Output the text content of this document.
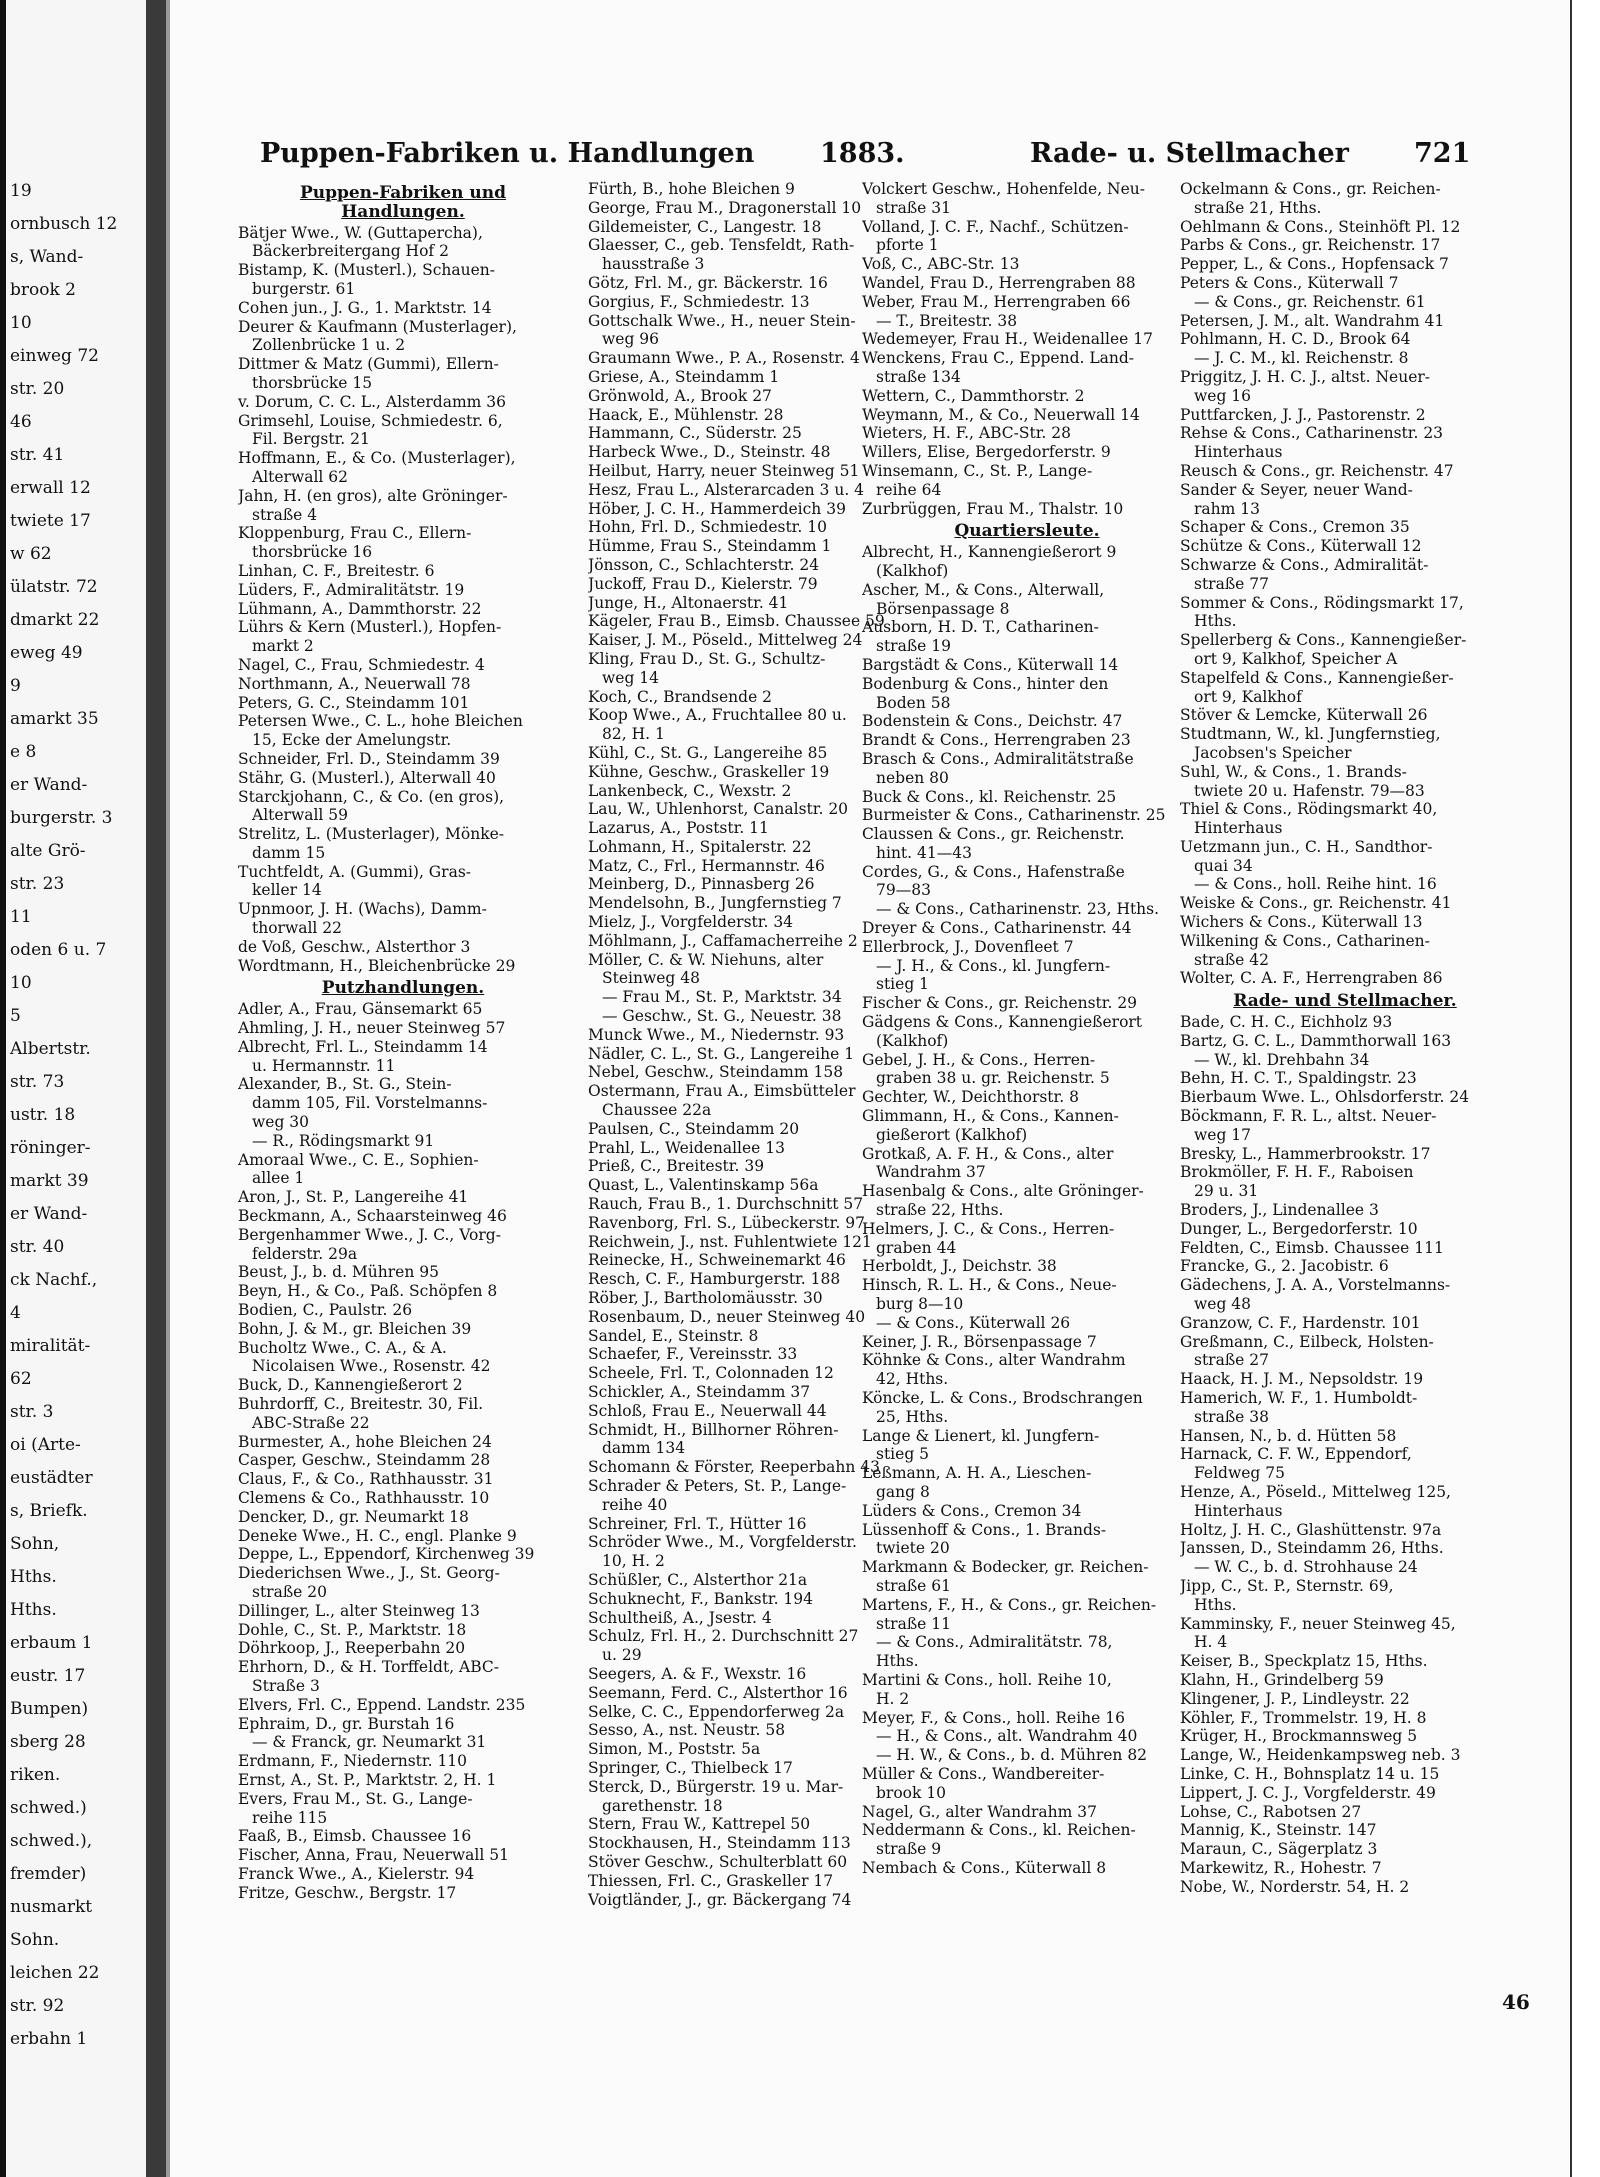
19
ornbusch 12
s, Wand-
brook 2
10
einweg 72
str. 20
46
str. 41
erwall 12
twiete 17
w 62
ülatstr. 72
dmarkt 22
eweg 49
9
amarkt 35
e 8
er Wand-
burgerstr. 3
alte Grö-
str. 23
11
oden 6 u. 7
10
5
Albertstr.
str. 73
ustr. 18
röninger-
markt 39
er Wand-
str. 40
ck Nachf.,
4
miralität-
62
str. 3
oi (Arte-
eustädter
s, Briefk.
Sohn,
Hths.
Hths.
erbaum 1
eustr. 17
Bumpen)
sberg 28
riken.
schwed.)
schwed.),
fremder)
nusmarkt
Sohn.
leichen 22
str. 92
erbahn 1
Puppen-Fabriken u. Handlungen 1883.	Rade- u. Stellmacher 721
Puppen-Fabriken und Handlungen.
Bätjer Wwe., W. (Guttapercha),
Bäckerbreitergang Hof 2
Bistamp, K. (Musterl.), Schauen-
burgerstr. 61
Cohen jun., J. G., 1. Marktstr. 14
Deurer & Kaufmann (Musterlager),
Zollenbrücke 1 u. 2
Dittmer & Matz (Gummi), Ellern-
thorsbrücke 15
v. Dorum, C. C. L., Alsterdamm 36
Grimsehl, Louise, Schmiedestr. 6,
Fil. Bergstr. 21
Hoffmann, E., & Co. (Musterlager),
Alterwall 62
Jahn, H. (en gros), alte Gröninger-
straße 4
Kloppenburg, Frau C., Ellern-
thorsbrücke 16
Linhan, C. F., Breitestr. 6
Lüders, F., Admiralitätstr. 19
Lühmann, A., Dammthorstr. 22
Lührs & Kern (Musterl.), Hopfen-
markt 2
Nagel, C., Frau, Schmiedestr. 4
Northmann, A., Neuerwall 78
Peters, G. C., Steindamm 101
Petersen Wwe., C. L., hohe Bleichen
15, Ecke der Amelungstr.
Schneider, Frl. D., Steindamm 39
Stähr, G. (Musterl.), Alterwall 40
Starckjohann, C., & Co. (en gros),
Alterwall 59
Strelitz, L. (Musterlager), Mönke-
damm 15
Tuchtfeldt, A. (Gummi), Gras-
keller 14
Upnmoor, J. H. (Wachs), Damm-
thorwall 22
de Voß, Geschw., Alsterthor 3
Wordtmann, H., Bleichenbrücke 29
Putzhandlungen.
Adler, A., Frau, Gänsemarkt 65
Ahmling, J. H., neuer Steinweg 57
Albrecht, Frl. L., Steindamm 14
u. Hermannstr. 11
Alexander, B., St. G., Stein-
damm 105, Fil. Vorstelmanns-
weg 30
— R., Rödingsmarkt 91
Amoraal Wwe., C. E., Sophien-
allee 1
Aron, J., St. P., Langereihe 41
Beckmann, A., Schaarsteinweg 46
Bergenhammer Wwe., J. C., Vorg-
felderstr. 29a
Beust, J., b. d. Mühren 95
Beyn, H., & Co., Paß. Schöpfen 8
Bodien, C., Paulstr. 26
Bohn, J. & M., gr. Bleichen 39
Bucholtz Wwe., C. A., & A.
Nicolaisen Wwe., Rosenstr. 42
Buck, D., Kannengießerort 2
Buhrdorff, C., Breitestr. 30, Fil.
ABC-Straße 22
Burmester, A., hohe Bleichen 24
Casper, Geschw., Steindamm 28
Claus, F., & Co., Rathhausstr. 31
Clemens & Co., Rathhausstr. 10
Dencker, D., gr. Neumarkt 18
Deneke Wwe., H. C., engl. Planke 9
Deppe, L., Eppendorf, Kirchenweg 39
Diederichsen Wwe., J., St. Georg-
straße 20
Dillinger, L., alter Steinweg 13
Dohle, C., St. P., Marktstr. 18
Döhrkoop, J., Reeperbahn 20
Ehrhorn, D., & H. Torffeldt, ABC-
Straße 3
Elvers, Frl. C., Eppend. Landstr. 235
Ephraim, D., gr. Burstah 16
— & Franck, gr. Neumarkt 31
Erdmann, F., Niedernstr. 110
Ernst, A., St. P., Marktstr. 2, H. 1
Evers, Frau M., St. G., Lange-
reihe 115
Faaß, B., Eimsb. Chaussee 16
Fischer, Anna, Frau, Neuerwall 51
Franck Wwe., A., Kielerstr. 94
Fritze, Geschw., Bergstr. 17
Fürth, B., hohe Bleichen 9
George, Frau M., Dragonerstall 10
Gildemeister, C., Langestr. 18
Glaesser, C., geb. Tensfeldt, Rath-
hausstraße 3
Götz, Frl. M., gr. Bäckerstr. 16
Gorgius, F., Schmiedestr. 13
Gottschalk Wwe., H., neuer Stein-
weg 96
Graumann Wwe., P. A., Rosenstr. 4
Griese, A., Steindamm 1
Grönwold, A., Brook 27
Haack, E., Mühlenstr. 28
Hammann, C., Süderstr. 25
Harbeck Wwe., D., Steinstr. 48
Heilbut, Harry, neuer Steinweg 51
Hesz, Frau L., Alsterarcaden 3 u. 4
Höber, J. C. H., Hammerdeich 39
Hohn, Frl. D., Schmiedestr. 10
Hümme, Frau S., Steindamm 1
Jönsson, C., Schlachterstr. 24
Juckoff, Frau D., Kielerstr. 79
Junge, H., Altonaerstr. 41
Kägeler, Frau B., Eimsb. Chaussee 59
Kaiser, J. M., Pöseld., Mittelweg 24
Kling, Frau D., St. G., Schultz-
weg 14
Koch, C., Brandsende 2
Koop Wwe., A., Fruchtallee 80 u.
82, H. 1
Kühl, C., St. G., Langereihe 85
Kühne, Geschw., Graskeller 19
Lankenbeck, C., Wexstr. 2
Lau, W., Uhlenhorst, Canalstr. 20
Lazarus, A., Poststr. 11
Lohmann, H., Spitalerstr. 22
Matz, C., Frl., Hermannstr. 46
Meinberg, D., Pinnasberg 26
Mendelsohn, B., Jungfernstieg 7
Mielz, J., Vorgfelderstr. 34
Möhlmann, J., Caffamacherreihe 2
Möller, C. & W. Niehuns, alter
Steinweg 48
— Frau M., St. P., Marktstr. 34
— Geschw., St. G., Neuestr. 38
Munck Wwe., M., Niedernstr. 93
Nädler, C. L., St. G., Langereihe 1
Nebel, Geschw., Steindamm 158
Ostermann, Frau A., Eimsbütteler
Chaussee 22a
Paulsen, C., Steindamm 20
Prahl, L., Weidenallee 13
Prieß, C., Breitestr. 39
Quast, L., Valentinskamp 56a
Rauch, Frau B., 1. Durchschnitt 57
Ravenborg, Frl. S., Lübeckerstr. 97
Reichwein, J., nst. Fuhlentwiete 121
Reinecke, H., Schweinemarkt 46
Resch, C. F., Hamburgerstr. 188
Röber, J., Bartholomäusstr. 30
Rosenbaum, D., neuer Steinweg 40
Sandel, E., Steinstr. 8
Schaefer, F., Vereinsstr. 33
Scheele, Frl. T., Colonnaden 12
Schickler, A., Steindamm 37
Schloß, Frau E., Neuerwall 44
Schmidt, H., Billhorner Röhren-
damm 134
Schomann & Förster, Reeperbahn 43
Schrader & Peters, St. P., Lange-
reihe 40
Schreiner, Frl. T., Hütter 16
Schröder Wwe., M., Vorgfelderstr.
10, H. 2
Schüßler, C., Alsterthor 21a
Schuknecht, F., Bankstr. 194
Schultheiß, A., Jsestr. 4
Schulz, Frl. H., 2. Durchschnitt 27
u. 29
Seegers, A. & F., Wexstr. 16
Seemann, Ferd. C., Alsterthor 16
Selke, C. C., Eppendorferweg 2a
Sesso, A., nst. Neustr. 58
Simon, M., Poststr. 5a
Springer, C., Thielbeck 17
Sterck, D., Bürgerstr. 19 u. Mar-
garethenstr. 18
Stern, Frau W., Kattrepel 50
Stockhausen, H., Steindamm 113
Stöver Geschw., Schulterblatt 60
Thiessen, Frl. C., Graskeller 17
Voigtländer, J., gr. Bäckergang 74
Volckert Geschw., Hohenfelde, Neu-
straße 31
Volland, J. C. F., Nachf., Schützen-
pforte 1
Voß, C., ABC-Str. 13
Wandel, Frau D., Herrengraben 88
Weber, Frau M., Herrengraben 66
— T., Breitestr. 38
Wedemeyer, Frau H., Weidenallee 17
Wenckens, Frau C., Eppend. Land-
straße 134
Wettern, C., Dammthorstr. 2
Weymann, M., & Co., Neuerwall 14
Wieters, H. F., ABC-Str. 28
Willers, Elise, Bergedorferstr. 9
Winsemann, C., St. P., Lange-
reihe 64
Zurbrüggen, Frau M., Thalstr. 10
Quartiersleute.
Albrecht, H., Kannengießerort 9
(Kalkhof)
Ascher, M., & Cons., Alterwall,
Börsenpassage 8
Ausborn, H. D. T., Catharinen-
straße 19
Bargstädt & Cons., Küterwall 14
Bodenburg & Cons., hinter den
Boden 58
Bodenstein & Cons., Deichstr. 47
Brandt & Cons., Herrengraben 23
Brasch & Cons., Admiralitätstraße
neben 80
Buck & Cons., kl. Reichenstr. 25
Burmeister & Cons., Catharinenstr. 25
Claussen & Cons., gr. Reichenstr.
hint. 41—43
Cordes, G., & Cons., Hafenstraße
79—83
— & Cons., Catharinenstr. 23, Hths.
Dreyer & Cons., Catharinenstr. 44
Ellerbrock, J., Dovenfleet 7
— J. H., & Cons., kl. Jungfern-
stieg 1
Fischer & Cons., gr. Reichenstr. 29
Gädgens & Cons., Kannengießerort
(Kalkhof)
Gebel, J. H., & Cons., Herren-
graben 38 u. gr. Reichenstr. 5
Gechter, W., Deichthorstr. 8
Glimmann, H., & Cons., Kannen-
gießerort (Kalkhof)
Grotkaß, A. F. H., & Cons., alter
Wandrahm 37
Hasenbalg & Cons., alte Gröninger-
straße 22, Hths.
Helmers, J. C., & Cons., Herren-
graben 44
Herboldt, J., Deichstr. 38
Hinsch, R. L. H., & Cons., Neue-
burg 8—10
— & Cons., Küterwall 26
Keiner, J. R., Börsenpassage 7
Köhnke & Cons., alter Wandrahm
42, Hths.
Köncke, L. & Cons., Brodschrangen
25, Hths.
Lange & Lienert, kl. Jungfern-
stieg 5
Leßmann, A. H. A., Lieschen-
gang 8
Lüders & Cons., Cremon 34
Lüssenhoff & Cons., 1. Brands-
twiete 20
Markmann & Bodecker, gr. Reichen-
straße 61
Martens, F., H., & Cons., gr. Reichen-
straße 11
— & Cons., Admiralitätstr. 78,
Hths.
Martini & Cons., holl. Reihe 10,
H. 2
Meyer, F., & Cons., holl. Reihe 16
— H., & Cons., alt. Wandrahm 40
— H. W., & Cons., b. d. Mühren 82
Müller & Cons., Wandbereiter-
brook 10
Nagel, G., alter Wandrahm 37
Neddermann & Cons., kl. Reichen-
straße 9
Nembach & Cons., Küterwall 8
Ockelmann & Cons., gr. Reichen-
straße 21, Hths.
Oehlmann & Cons., Steinhöft Pl. 12
Parbs & Cons., gr. Reichenstr. 17
Pepper, L., & Cons., Hopfensack 7
Peters & Cons., Küterwall 7
— & Cons., gr. Reichenstr. 61
Petersen, J. M., alt. Wandrahm 41
Pohlmann, H. C. D., Brook 64
— J. C. M., kl. Reichenstr. 8
Priggitz, J. H. C. J., altst. Neuer-
weg 16
Puttfarcken, J. J., Pastorenstr. 2
Rehse & Cons., Catharinenstr. 23
Hinterhaus
Reusch & Cons., gr. Reichenstr. 47
Sander & Seyer, neuer Wand-
rahm 13
Schaper & Cons., Cremon 35
Schütze & Cons., Küterwall 12
Schwarze & Cons., Admiralität-
straße 77
Sommer & Cons., Rödingsmarkt 17,
Hths.
Spellerberg & Cons., Kannengießer-
ort 9, Kalkhof, Speicher A
Stapelfeld & Cons., Kannengießer-
ort 9, Kalkhof
Stöver & Lemcke, Küterwall 26
Studtmann, W., kl. Jungfernstieg,
Jacobsen's Speicher
Suhl, W., & Cons., 1. Brands-
twiete 20 u. Hafenstr. 79—83
Thiel & Cons., Rödingsmarkt 40,
Hinterhaus
Uetzmann jun., C. H., Sandthor-
quai 34
— & Cons., holl. Reihe hint. 16
Weiske & Cons., gr. Reichenstr. 41
Wichers & Cons., Küterwall 13
Wilkening & Cons., Catharinen-
straße 42
Wolter, C. A. F., Herrengraben 86
Rade- und Stellmacher.
Bade, C. H. C., Eichholz 93
Bartz, G. C. L., Dammthorwall 163
— W., kl. Drehbahn 34
Behn, H. C. T., Spaldingstr. 23
Bierbaum Wwe. L., Ohlsdorferstr. 24
Böckmann, F. R. L., altst. Neuer-
weg 17
Bresky, L., Hammerbrookstr. 17
Brokmöller, F. H. F., Raboisen
29 u. 31
Broders, J., Lindenallee 3
Dunger, L., Bergedorferstr. 10
Feldten, C., Eimsb. Chaussee 111
Francke, G., 2. Jacobistr. 6
Gädechens, J. A. A., Vorstelmanns-
weg 48
Granzow, C. F., Hardenstr. 101
Greßmann, C., Eilbeck, Holsten-
straße 27
Haack, H. J. M., Nepsoldstr. 19
Hamerich, W. F., 1. Humboldt-
straße 38
Hansen, N., b. d. Hütten 58
Harnack, C. F. W., Eppendorf,
Feldweg 75
Henze, A., Pöseld., Mittelweg 125,
Hinterhaus
Holtz, J. H. C., Glashüttenstr. 97a
Janssen, D., Steindamm 26, Hths.
— W. C., b. d. Strohhause 24
Jipp, C., St. P., Sternstr. 69,
Hths.
Kamminsky, F., neuer Steinweg 45,
H. 4
Keiser, B., Speckplatz 15, Hths.
Klahn, H., Grindelberg 59
Klingener, J. P., Lindleystr. 22
Köhler, F., Trommelstr. 19, H. 8
Krüger, H., Brockmannsweg 5
Lange, W., Heidenkampsweg neb. 3
Linke, C. H., Bohnsplatz 14 u. 15
Lippert, J. C. J., Vorgfelderstr. 49
Lohse, C., Rabotsen 27
Mannig, K., Steinstr. 147
Maraun, C., Sägerplatz 3
Markewitz, R., Hohestr. 7
Nobe, W., Norderstr. 54, H. 2
46
